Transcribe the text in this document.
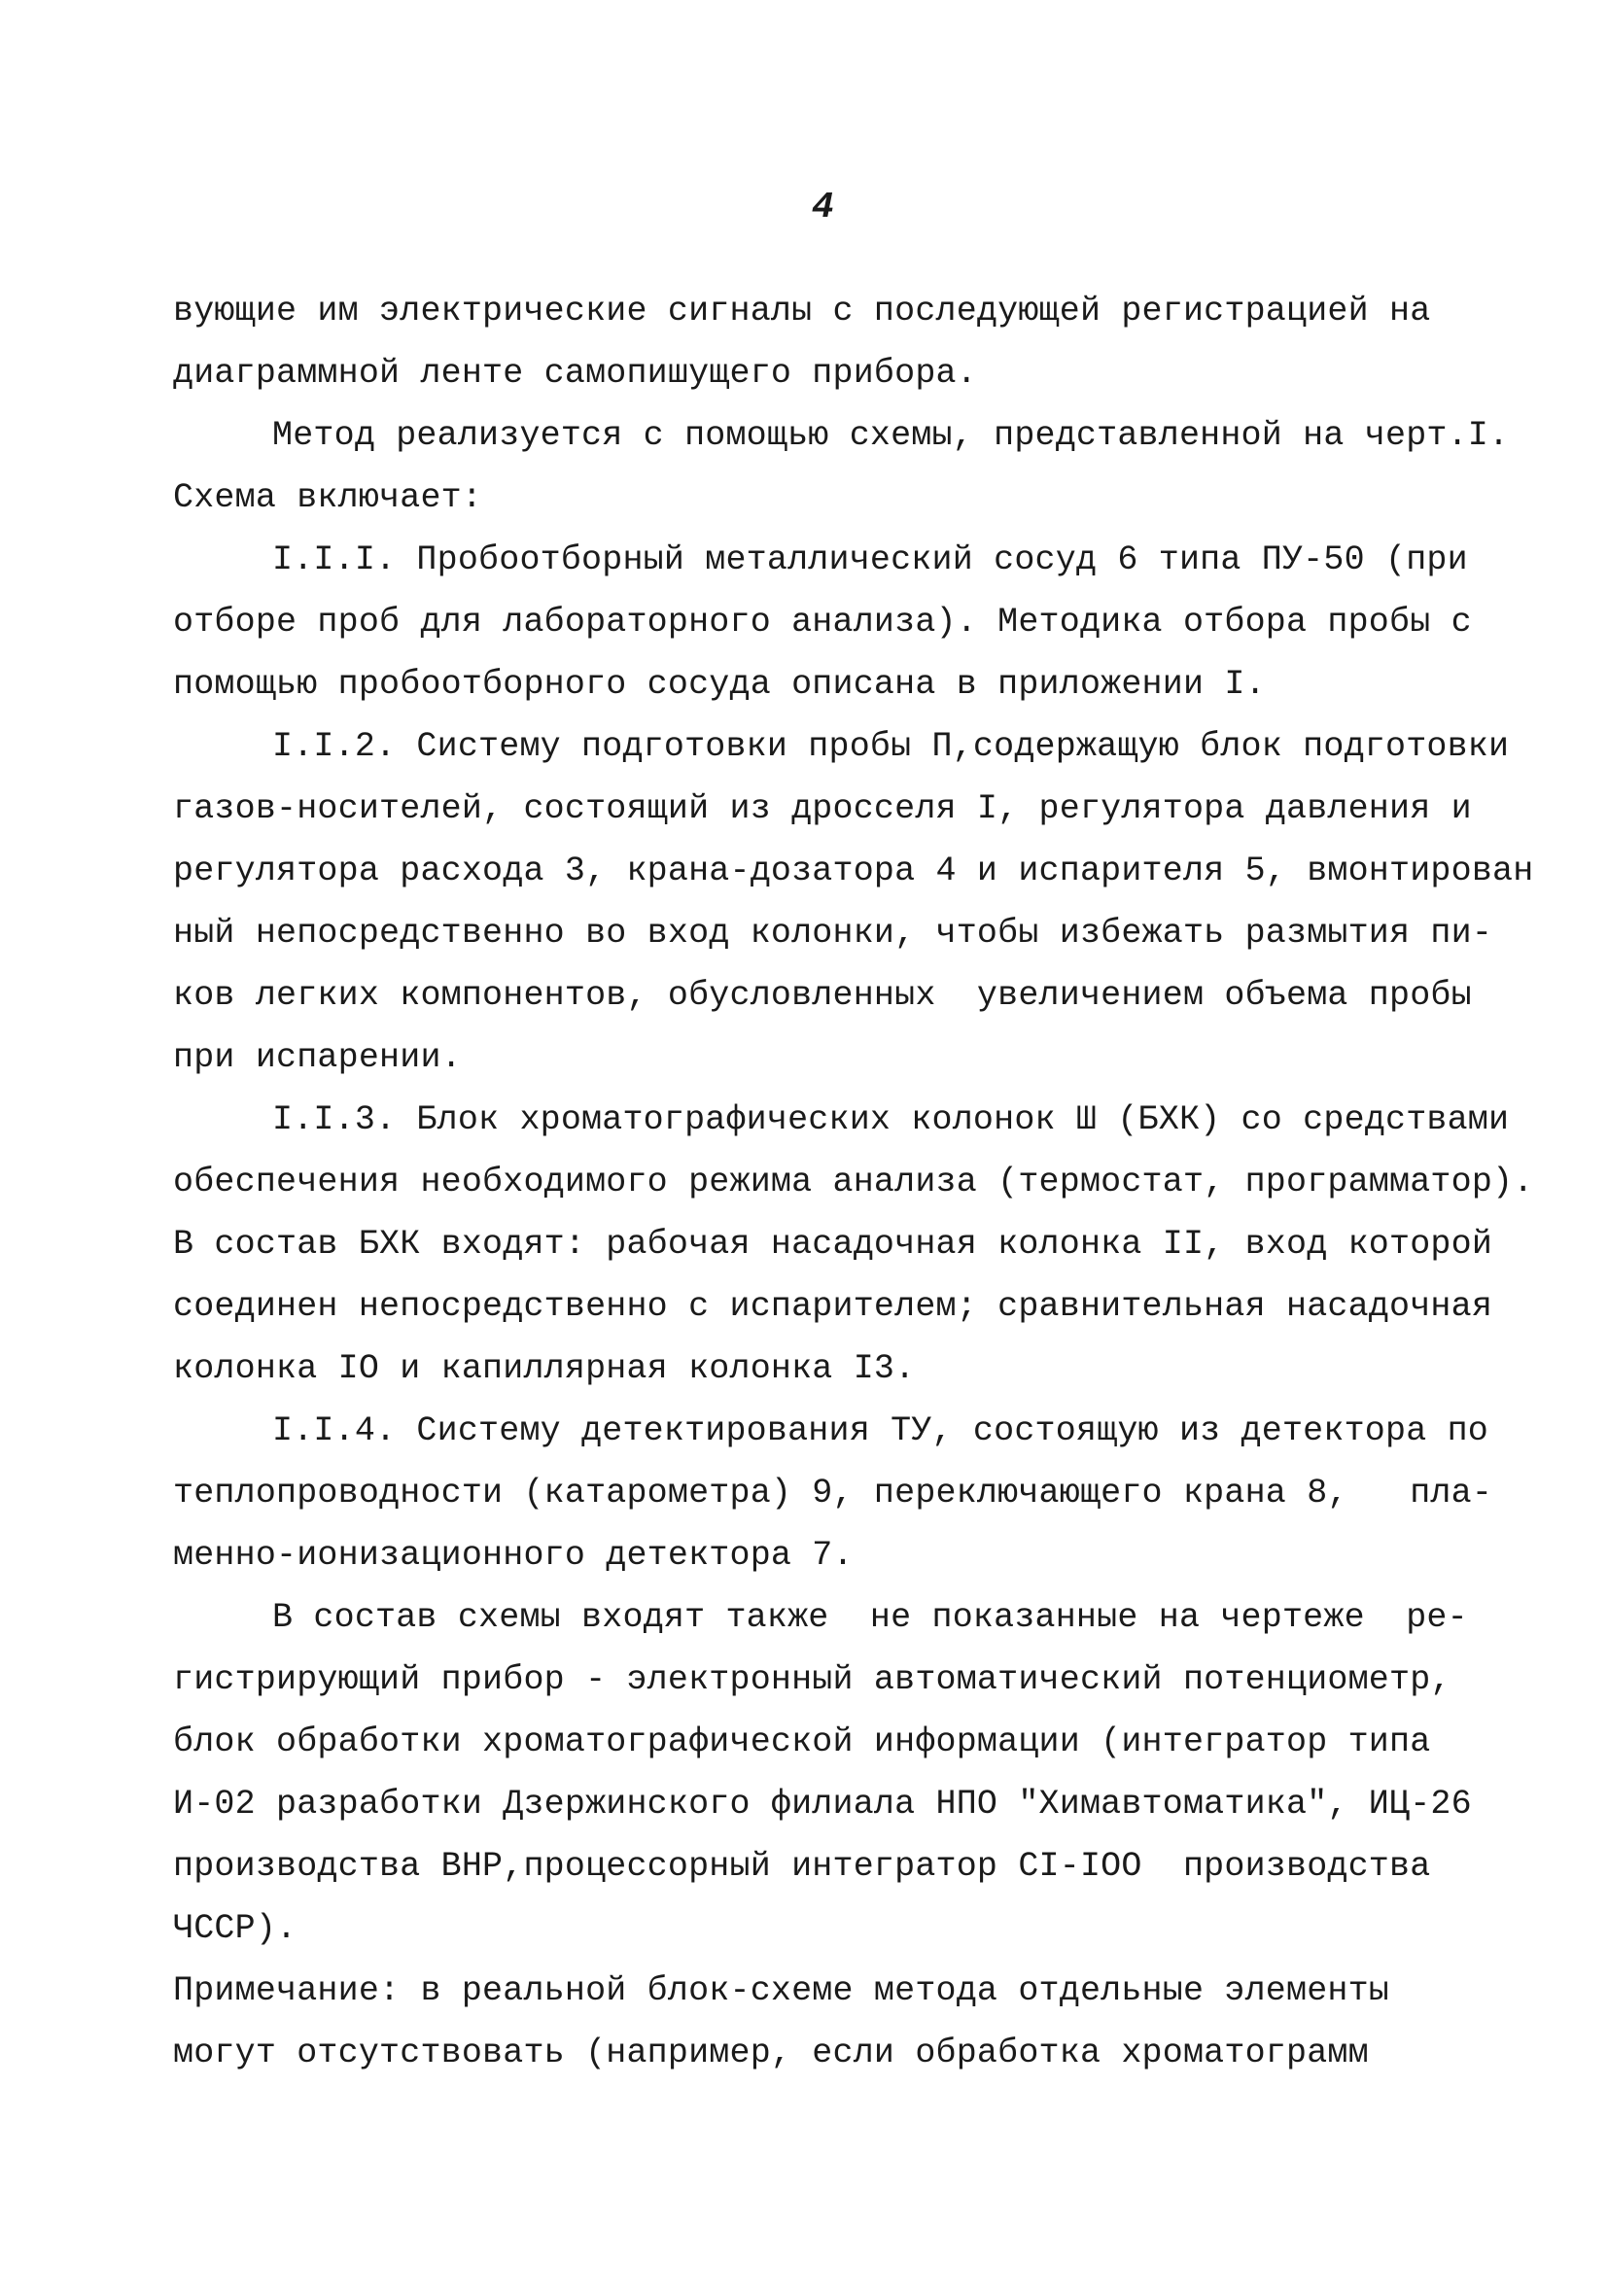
4
вующие им электрические сигналы с последующей регистрацией на
диаграммной ленте самопишущего прибора.
Метод реализуется с помощью схемы, представленной на черт.I.
Схема включает:
I.I.I. Пробоотборный металлический сосуд 6 типа ПУ-50 (при
отборе проб для лабораторного анализа). Методика отбора пробы с
помощью пробоотборного сосуда описана в приложении I.
I.I.2. Систему подготовки пробы П,содержащую блок подготовки
газов-носителей, состоящий из дросселя I, регулятора давления и
регулятора расхода 3, крана-дозатора 4 и испарителя 5, вмонтирован
ный непосредственно во вход колонки, чтобы избежать размытия пи-
ков легких компонентов, обусловленных  увеличением объема пробы
при испарении.
I.I.3. Блок хроматографических колонок Ш (БХК) со средствами
обеспечения необходимого режима анализа (термостат, программатор).
В состав БХК входят: рабочая насадочная колонка II, вход которой
соединен непосредственно с испарителем; сравнительная насадочная
колонка IO и капиллярная колонка I3.
I.I.4. Систему детектирования ТУ, состоящую из детектора по
теплопроводности (катарометра) 9, переключающего крана 8,   пла-
менно-ионизационного детектора 7.
В состав схемы входят также  не показанные на чертеже  ре-
гистрирующий прибор - электронный автоматический потенциометр,
блок обработки хроматографической информации (интегратор типа
И-02 разработки Дзержинского филиала НПО "Химавтоматика", ИЦ-26
производства ВНР,процессорный интегратор CI-IOO  производства
ЧССР).
Примечание: в реальной блок-схеме метода отдельные элементы
могут отсутствовать (например, если обработка хроматограмм
